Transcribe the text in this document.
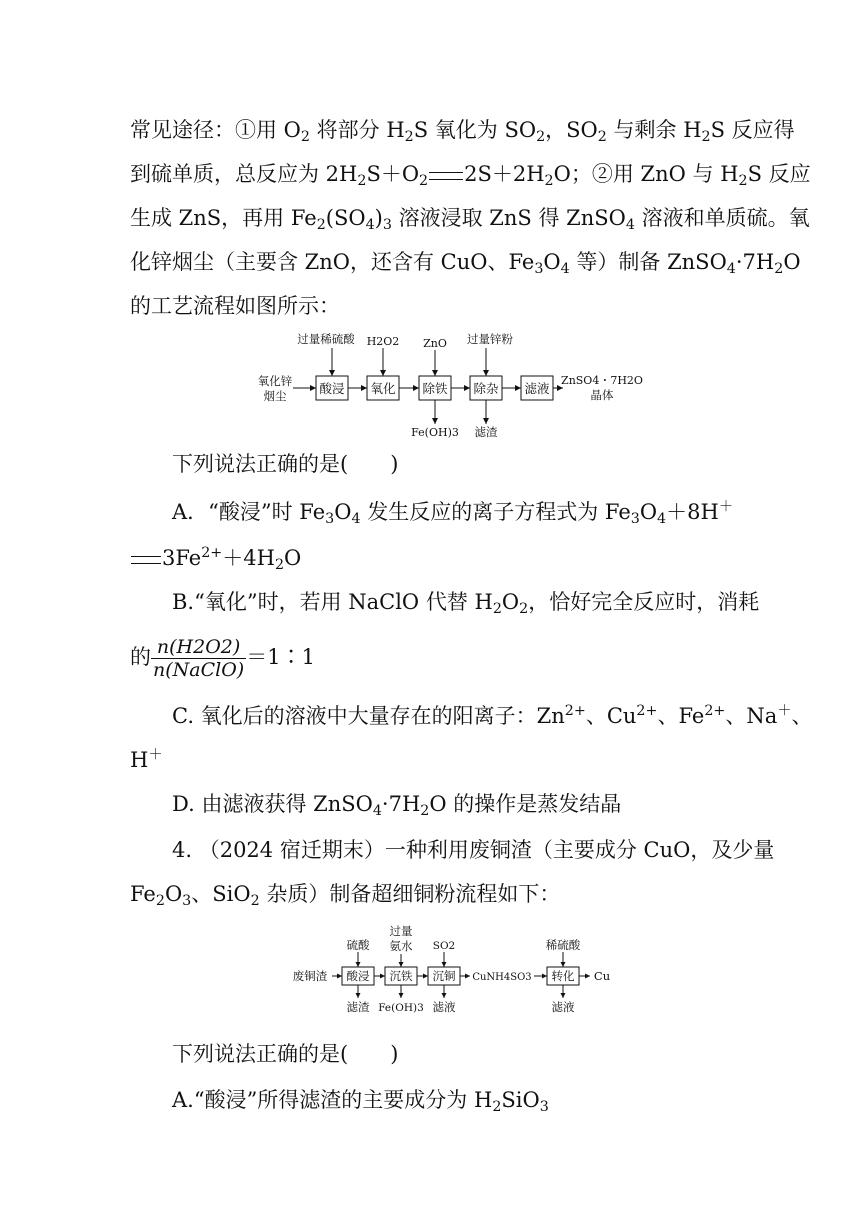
常见途径：①用 $O_2$ 将部分 $H_2S$ 氧化为 $SO_2$，$SO_2$ 与剩余 $H_2S$ 反应得
到硫单质，总反应为 $2H_2S+O_2$ $2S+2H_2O$；②用 ZnO 与 $H_2S$ 反应
生成 ZnS，再用 $Fe_2(SO_4)_3$ 溶液浸取 ZnS 得 ZnSO$_4$ 溶液和单质硫。氧
化锌烟尘（主要含 ZnO，还含有 CuO、$Fe_3O_4$ 等）制备 $ZnSO_4\cdot 7H_2O$
的工艺流程如图所示：
氧化锌
烟尘	酸浸 氧化 除铁 除杂 滤液
过量稀硫酸 H2O2 ZnO 过量锌粉
Fe(OH)3 滤渣
ZnSO4・7H2O
晶体
下列说法正确的是(　　)
A．“酸浸”时 $Fe_3O_4$ 发生反应的离子方程式为 $Fe_3O_4+8H^+$
$3Fe^{2+}+4H_2O$
B.“氧化”时，若用 NaClO 代替 $H_2O_2$，恰好完全反应时，消耗
的 $\frac{n(H2O2)}{\text{n(NaClO)}}$ ＝1∶1
C. 氧化后的溶液中大量存在的阳离子：$Zn^{2+}$、$Cu^{2+}$、$Fe^{2+}$、Na＋、
H＋
D. 由滤液获得 $ZnSO_4\cdot 7H_2O$ 的操作是蒸发结晶
4. （2024 宿迁期末）一种利用废铜渣（主要成分 CuO，及少量
$Fe_2O_3$、SiO$_2$ 杂质）制备超细铜粉流程如下：
废铜渣 酸浸 沉铁 沉铜	转化
硫酸
过量
氨水 SO2	稀硫酸
滤渣 Fe(OH)3 滤液	滤液
CuNH4SO3	Cu
下列说法正确的是(　　)
A.“酸浸”所得滤渣的主要成分为 $H_2SiO_3$
